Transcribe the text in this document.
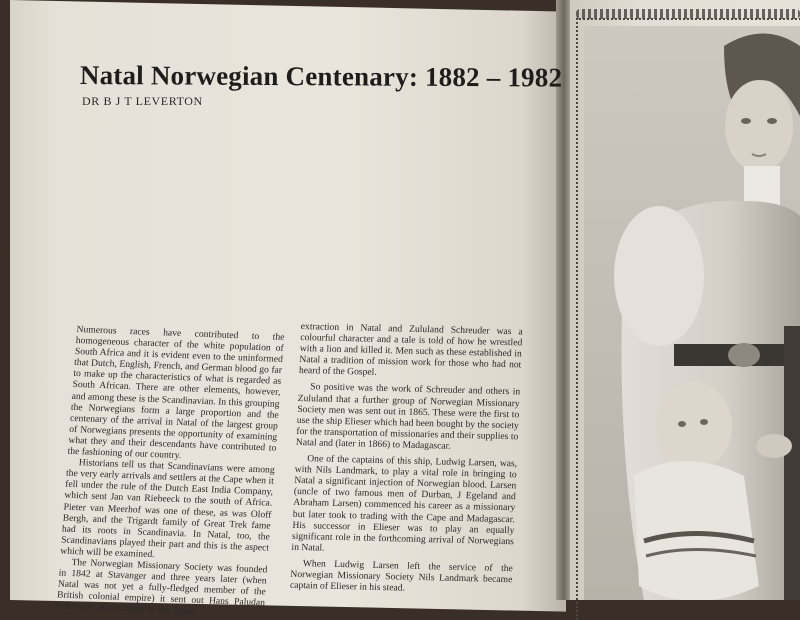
Natal Norwegian Centenary: 1882 – 1982
DR B J T LEVERTON

Numerous races have contributed to the homogeneous character of the white population of South Africa and it is evident even to the uninformed that Dutch, English, French, and German blood go far to make up the characteristics of what is regarded as South African. There are other elements, however, and among these is the Scandinavian. In this grouping the Norwegians form a large proportion and the centenary of the arrival in Natal of the largest group of Norwegians presents the opportunity of examining what they and their descendants have contributed to the fashioning of our country.

Historians tell us that Scandinavians were among the very early arrivals and settlers at the Cape when it fell under the rule of the Dutch East India Company, which sent Jan van Riebeeck to the south of Africa. Pieter van Meerhof was one of these, as was Oloff Bergh, and the Trigardt family of Great Trek fame had its roots in Scandinavia. In Natal, too, the Scandinavians played their part and this is the aspect which will be examined.

The Norwegian Missionary Society was founded in 1842 at Stavanger and three years later (when Natal was not yet a fully-fledged member of the British colonial empire) it sent out Hans Paludan Schreuder as a minister to the Zulus.

extraction in Natal and Zululand Schreuder was a colourful character and a tale is told of how he wrestled with a lion and killed it. Men such as these established in Natal a tradition of mission work for those who had not heard of the Gospel.

So positive was the work of Schreuder and others in Zululand that a further group of Norwegian Missionary Society men was sent out in 1865. These were the first to use the ship Elieser which had been bought by the society for the transportation of missionaries and their supplies to Natal and (later in 1866) to Madagascar.

One of the captains of this ship, Ludwig Larsen, was, with Nils Landmark, to play a vital role in bringing to Natal a significant injection of Norwegian blood. Larsen (uncle of two famous men of Durban, J Egeland and Abraham Larsen) commenced his career as a missionary but later took to trading with the Cape and Madagascar. His successor in Elieser was to play an equally significant role in the forthcoming arrival of Norwegians in Natal.

When Ludwig Larsen left the service of the Norwegian Missionary Society Nils Landmark became captain of Elieser in his stead.
